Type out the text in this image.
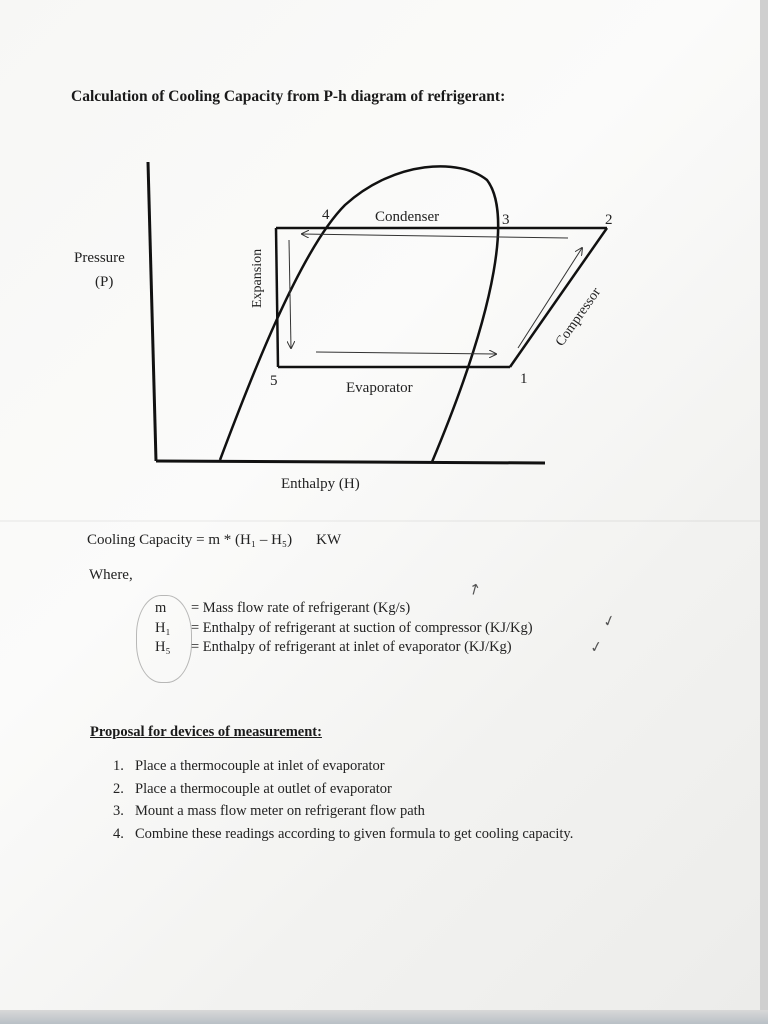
Calculation of Cooling Capacity from P-h diagram of refrigerant:
Pressure
(P)
Enthalpy (H)
Condenser
Evaporator
Expansion
Compressor
1
2
3
4
5
Cooling Capacity = m * (H₁ – H₅) KW
Where,
m = Mass flow rate of refrigerant (Kg/s)
H₁ = Enthalpy of refrigerant at suction of compressor (KJ/Kg)
H₅ = Enthalpy of refrigerant at inlet of evaporator (KJ/Kg)
↗
✓
✓
Proposal for devices of measurement:
1. Place a thermocouple at inlet of evaporator
2. Place a thermocouple at outlet of evaporator
3. Mount a mass flow meter on refrigerant flow path
4. Combine these readings according to given formula to get cooling capacity.
